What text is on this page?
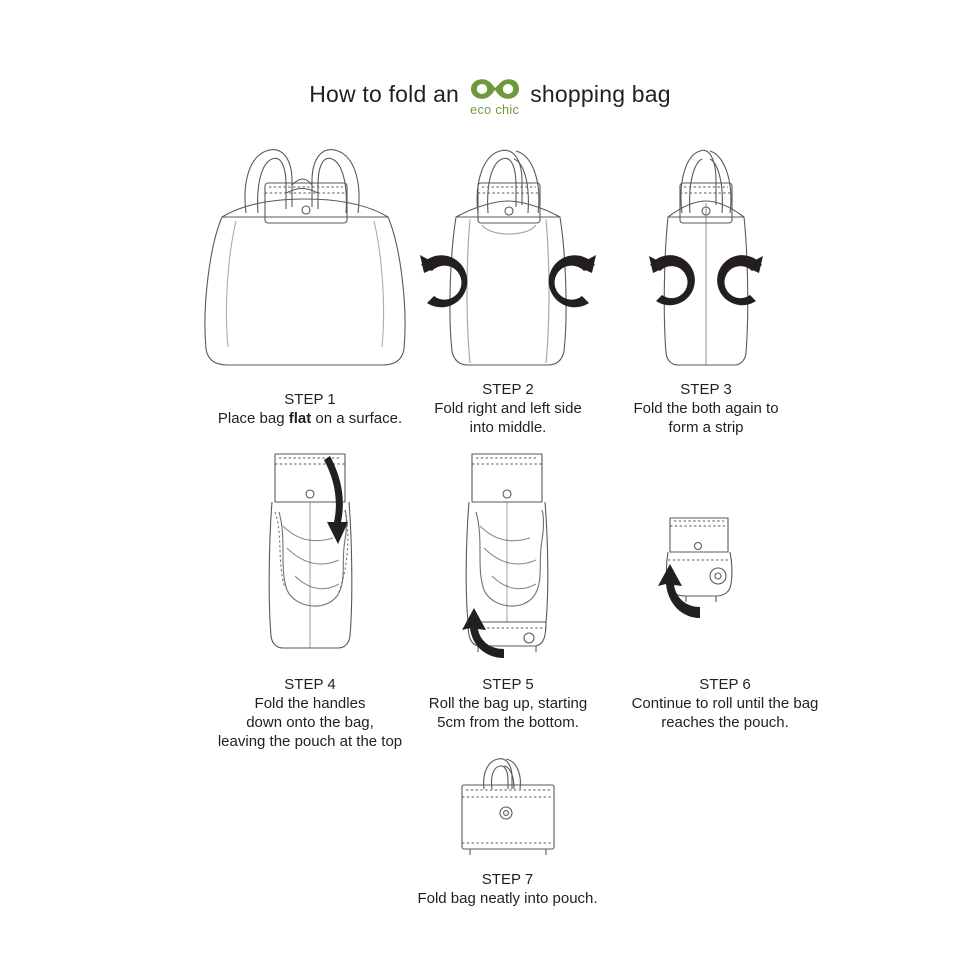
How to fold an
eco chic
shopping bag
STEP 1
Place bag flat on a surface.
STEP 2
Fold right and left side
into middle.
STEP 3
Fold the both again to
form a strip
STEP 4
Fold the handles
down onto the bag,
leaving the pouch at the top
STEP 5
Roll the bag up, starting
5cm from the bottom.
STEP 6
Continue to roll until the bag
reaches the pouch.
STEP 7
Fold bag neatly into pouch.
